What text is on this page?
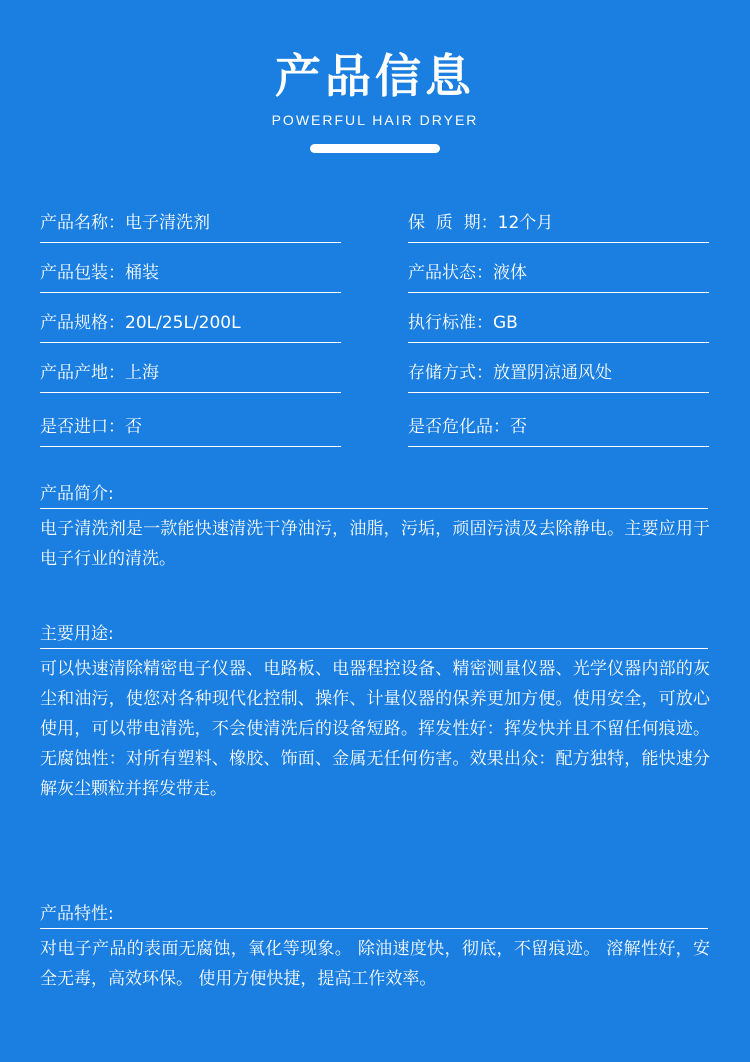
产品信息
POWERFUL HAIR DRYER
产品名称：电子清洗剂	保  质  期：12个月
产品包装：桶装	产品状态：液体
产品规格：20L/25L/200L	执行标准：GB
产品产地：上海	存储方式：放置阴凉通风处
是否进口：否	是否危化品：否
产品简介:
电子清洗剂是一款能快速清洗干净油污，油脂，污垢，顽固污渍及去除静电。主要应用于电子行业的清洗。
主要用途:
可以快速清除精密电子仪器、电路板、电器程控设备、精密测量仪器、光学仪器内部的灰尘和油污，使您对各种现代化控制、操作、计量仪器的保养更加方便。使用安全，可放心使用，可以带电清洗，不会使清洗后的设备短路。挥发性好：挥发快并且不留任何痕迹。无腐蚀性：对所有塑料、橡胶、饰面、金属无任何伤害。效果出众：配方独特，能快速分解灰尘颗粒并挥发带走。
产品特性:
对电子产品的表面无腐蚀，氧化等现象。 除油速度快，彻底，不留痕迹。 溶解性好，安全无毒，高效环保。 使用方便快捷，提高工作效率。
